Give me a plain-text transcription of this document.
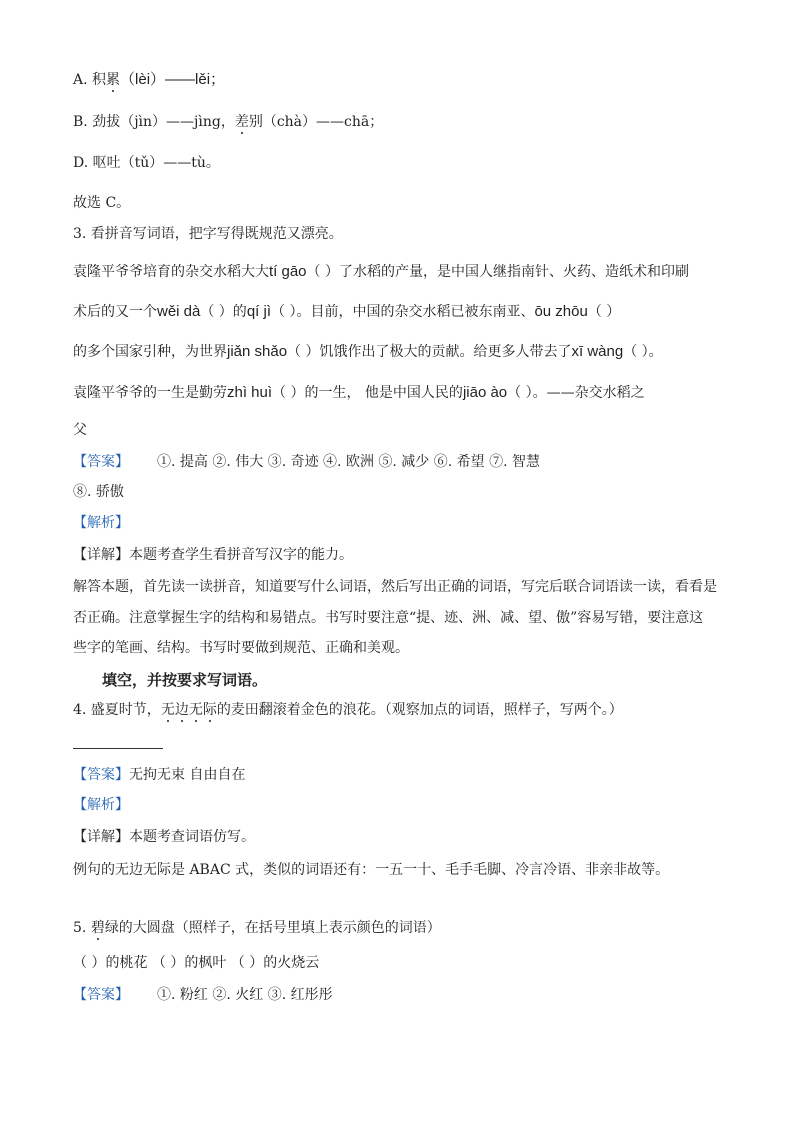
A. 积累（lèi）——lěi；
B. 劲拔（jìn）——jìng，差别（chà）——chā；
D. 呕吐（tǔ）——tù。
故选 C。
3. 看拼音写词语，把字写得既规范又漂亮。
袁隆平爷爷培育的杂交水稻大大tí gāo（ ）了水稻的产量，是中国人继指南针、火药、造纸术和印刷
术后的又一个wěi dà（ ）的qí jì（ ）。目前，中国的杂交水稻已被东南亚、ōu zhōu（ ）
的多个国家引种，为世界jiǎn shǎo（ ）饥饿作出了极大的贡献。给更多人带去了xī wàng（ ）。
袁隆平爷爷的一生是勤劳zhì huì（ ）的一生， 他是中国人民的jiāo ào（ ）。——杂交水稻之
父
【答案】 ①. 提高 ②. 伟大 ③. 奇迹 ④. 欧洲 ⑤. 减少 ⑥. 希望 ⑦. 智慧
⑧. 骄傲
【解析】
【详解】本题考查学生看拼音写汉字的能力。
解答本题，首先读一读拼音，知道要写什么词语，然后写出正确的词语，写完后联合词语读一读，看看是
否正确。注意掌握生字的结构和易错点。书写时要注意“提、迹、洲、减、望、傲”容易写错，要注意这
些字的笔画、结构。书写时要做到规范、正确和美观。
填空，并按要求写词语。
4. 盛夏时节，无边无际的麦田翻滚着金色的浪花。（观察加点的词语，照样子，写两个。）
【答案】无拘无束 自由自在
【解析】
【详解】本题考查词语仿写。
例句的无边无际是 ABAC 式，类似的词语还有：一五一十、毛手毛脚、冷言冷语、非亲非故等。
5. 碧绿的大圆盘（照样子，在括号里填上表示颜色的词语）
（ ）的桃花 （ ）的枫叶 （ ）的火烧云
【答案】 ①. 粉红 ②. 火红 ③. 红彤彤
